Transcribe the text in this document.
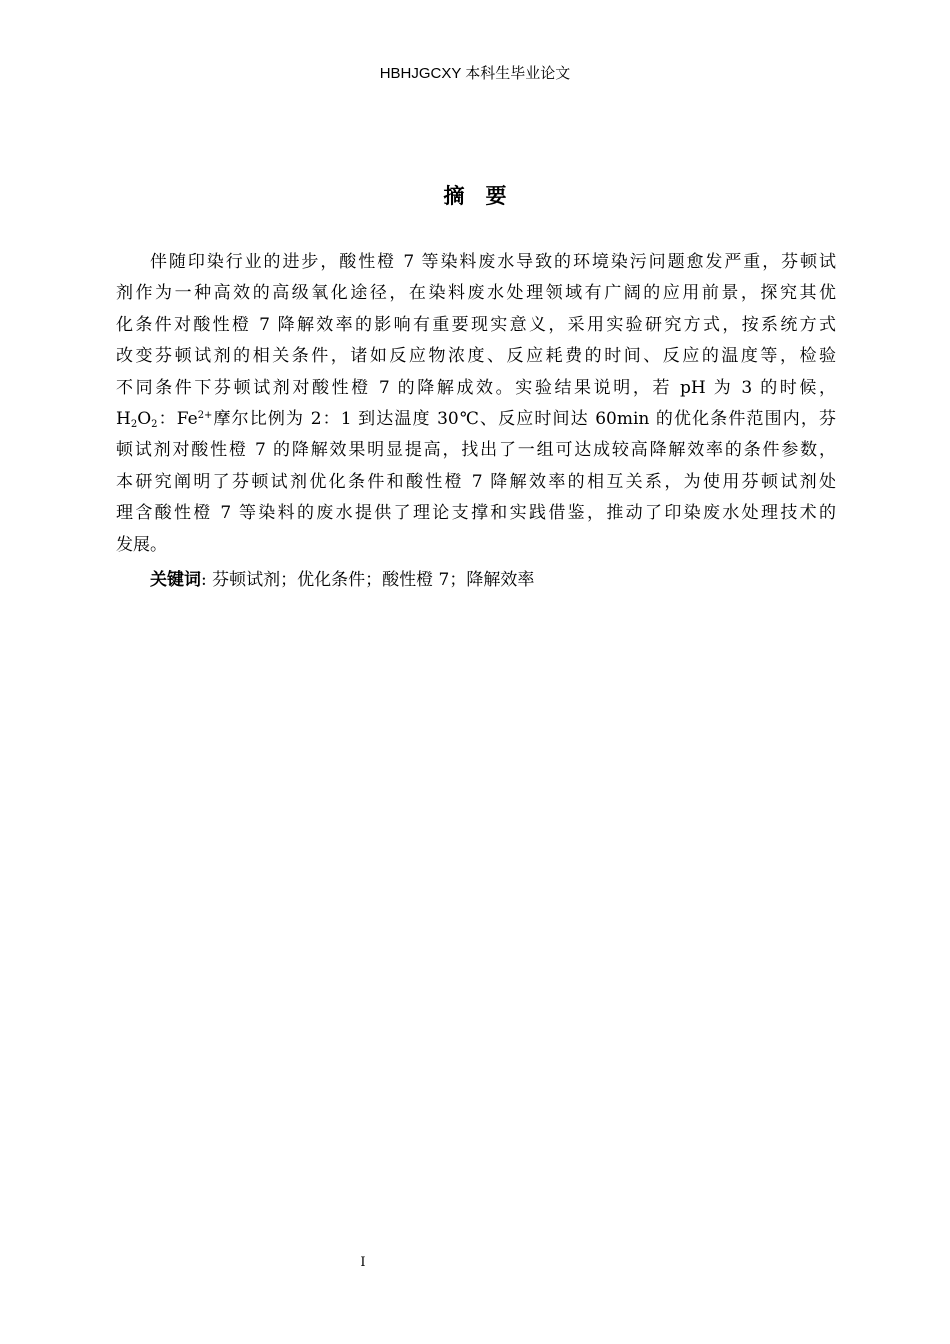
HBHJGCXY 本科生毕业论文
摘　要
伴随印染行业的进步，酸性橙 7 等染料废水导致的环境染污问题愈发严重，芬顿试
剂作为一种高效的高级氧化途径，在染料废水处理领域有广阔的应用前景，探究其优
化条件对酸性橙 7 降解效率的影响有重要现实意义，采用实验研究方式，按系统方式
改变芬顿试剂的相关条件，诸如反应物浓度、反应耗费的时间、反应的温度等，检验
不同条件下芬顿试剂对酸性橙 7 的降解成效。实验结果说明，若 pH 为 3 的时候，
$H_2O_2$：$Fe^{2+}$摩尔比例为 2：1 到达温度 30℃、反应时间达 60min 的优化条件范围内，芬
顿试剂对酸性橙 7 的降解效果明显提高，找出了一组可达成较高降解效率的条件参数，
本研究阐明了芬顿试剂优化条件和酸性橙 7 降解效率的相互关系，为使用芬顿试剂处
理含酸性橙 7 等染料的废水提供了理论支撑和实践借鉴，推动了印染废水处理技术的
发展。
关键词: 芬顿试剂；优化条件；酸性橙 7；降解效率
I
